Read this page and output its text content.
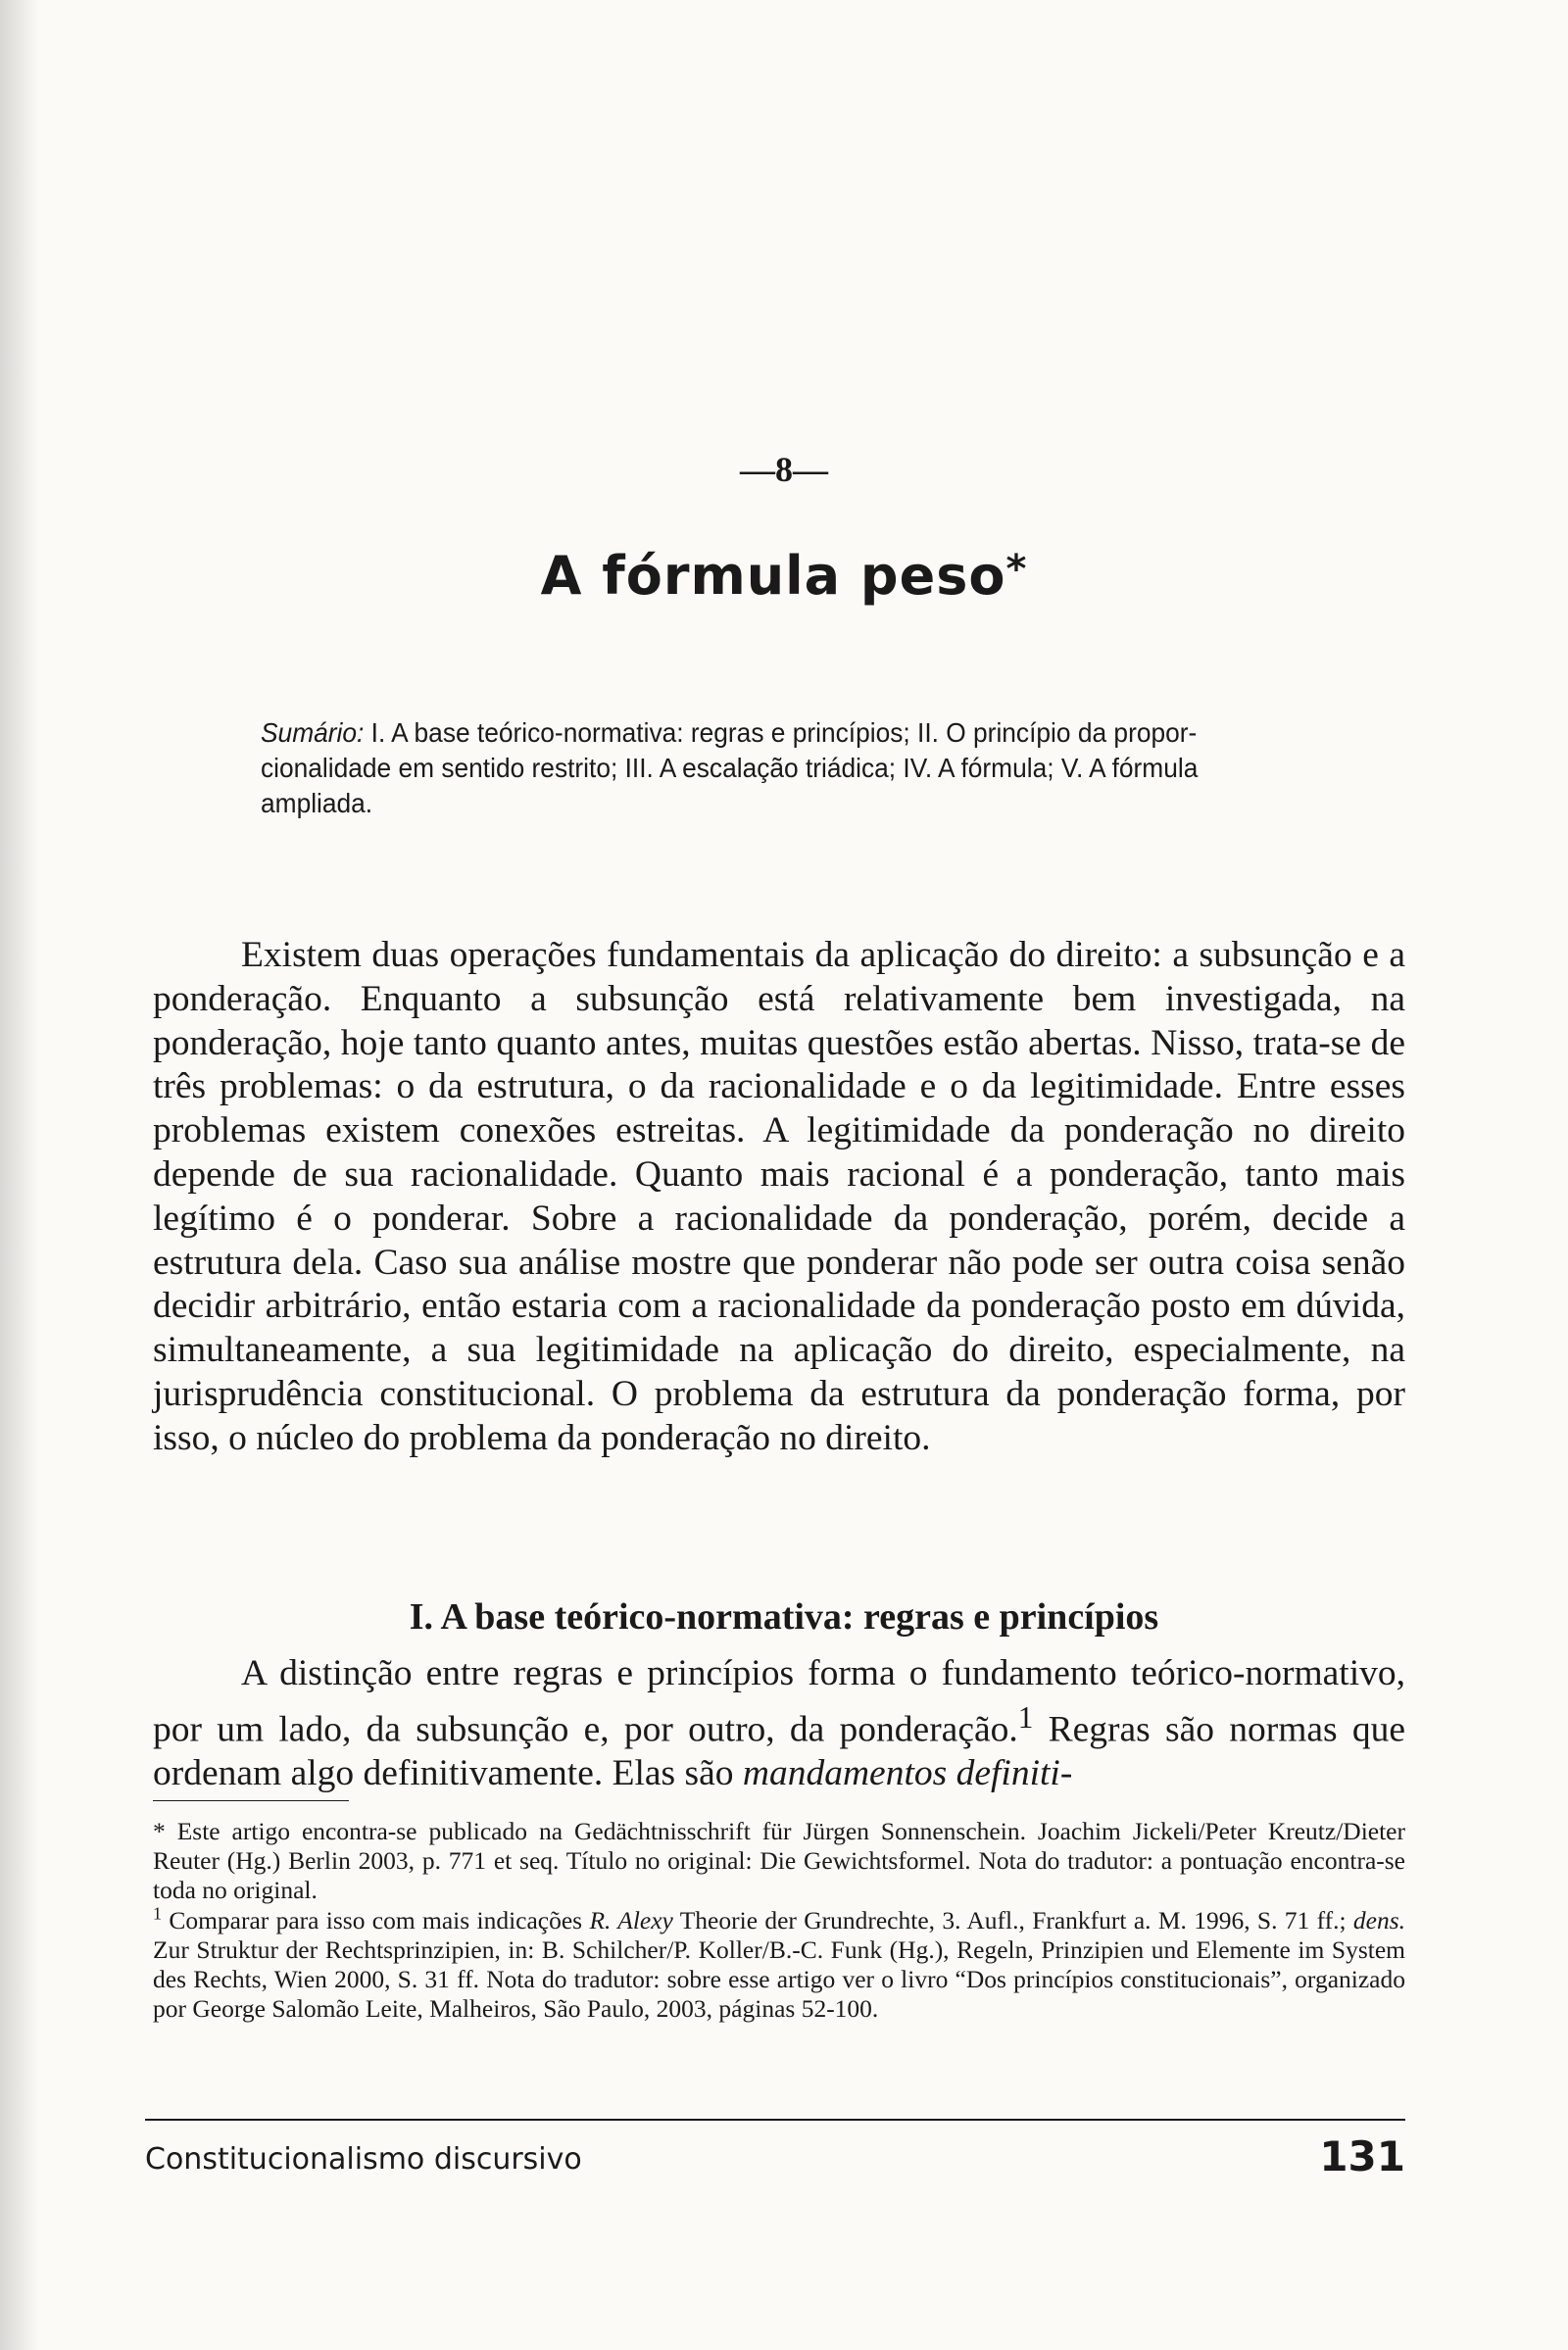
—8—
A fórmula peso*
Sumário: I. A base teórico-normativa: regras e princípios; II. O princípio da proporcionalidade em sentido restrito; III. A escalação triádica; IV. A fórmula; V. A fórmula ampliada.
Existem duas operações fundamentais da aplicação do direito: a subsunção e a ponderação. Enquanto a subsunção está relativamente bem investigada, na ponderação, hoje tanto quanto antes, muitas questões estão abertas. Nisso, trata-se de três problemas: o da estrutura, o da racionalidade e o da legitimidade. Entre esses problemas existem conexões estreitas. A legitimidade da ponderação no direito depende de sua racionalidade. Quanto mais racional é a ponderação, tanto mais legítimo é o ponderar. Sobre a racionalidade da ponderação, porém, decide a estrutura dela. Caso sua análise mostre que ponderar não pode ser outra coisa senão decidir arbitrário, então estaria com a racionalidade da ponderação posto em dúvida, simultaneamente, a sua legitimidade na aplicação do direito, especialmente, na jurisprudência constitucional. O problema da estrutura da ponderação forma, por isso, o núcleo do problema da ponderação no direito.
I. A base teórico-normativa: regras e princípios
A distinção entre regras e princípios forma o fundamento teórico-normativo, por um lado, da subsunção e, por outro, da ponderação.$^1$ Regras são normas que ordenam algo definitivamente. Elas são mandamentos definiti-

* Este artigo encontra-se publicado na Gedächtnisschrift für Jürgen Sonnenschein. Joachim Jickeli/Peter Kreutz/Dieter Reuter (Hg.) Berlin 2003, p. 771 et seq. Título no original: Die Gewichtsformel. Nota do tradutor: a pontuação encontra-se toda no original.

$^1$ Comparar para isso com mais indicações R. Alexy Theorie der Grundrechte, 3. Aufl., Frankfurt a. M. 1996, S. 71 ff.; dens. Zur Struktur der Rechtsprinzipien, in: B. Schilcher/P. Koller/B.-C. Funk (Hg.), Regeln, Prinzipien und Elemente im System des Rechts, Wien 2000, S. 31 ff. Nota do tradutor: sobre esse artigo ver o livro “Dos princípios constitucionais”, organizado por George Salomão Leite, Malheiros, São Paulo, 2003, páginas 52-100.

Constitucionalismo discursivo	131
